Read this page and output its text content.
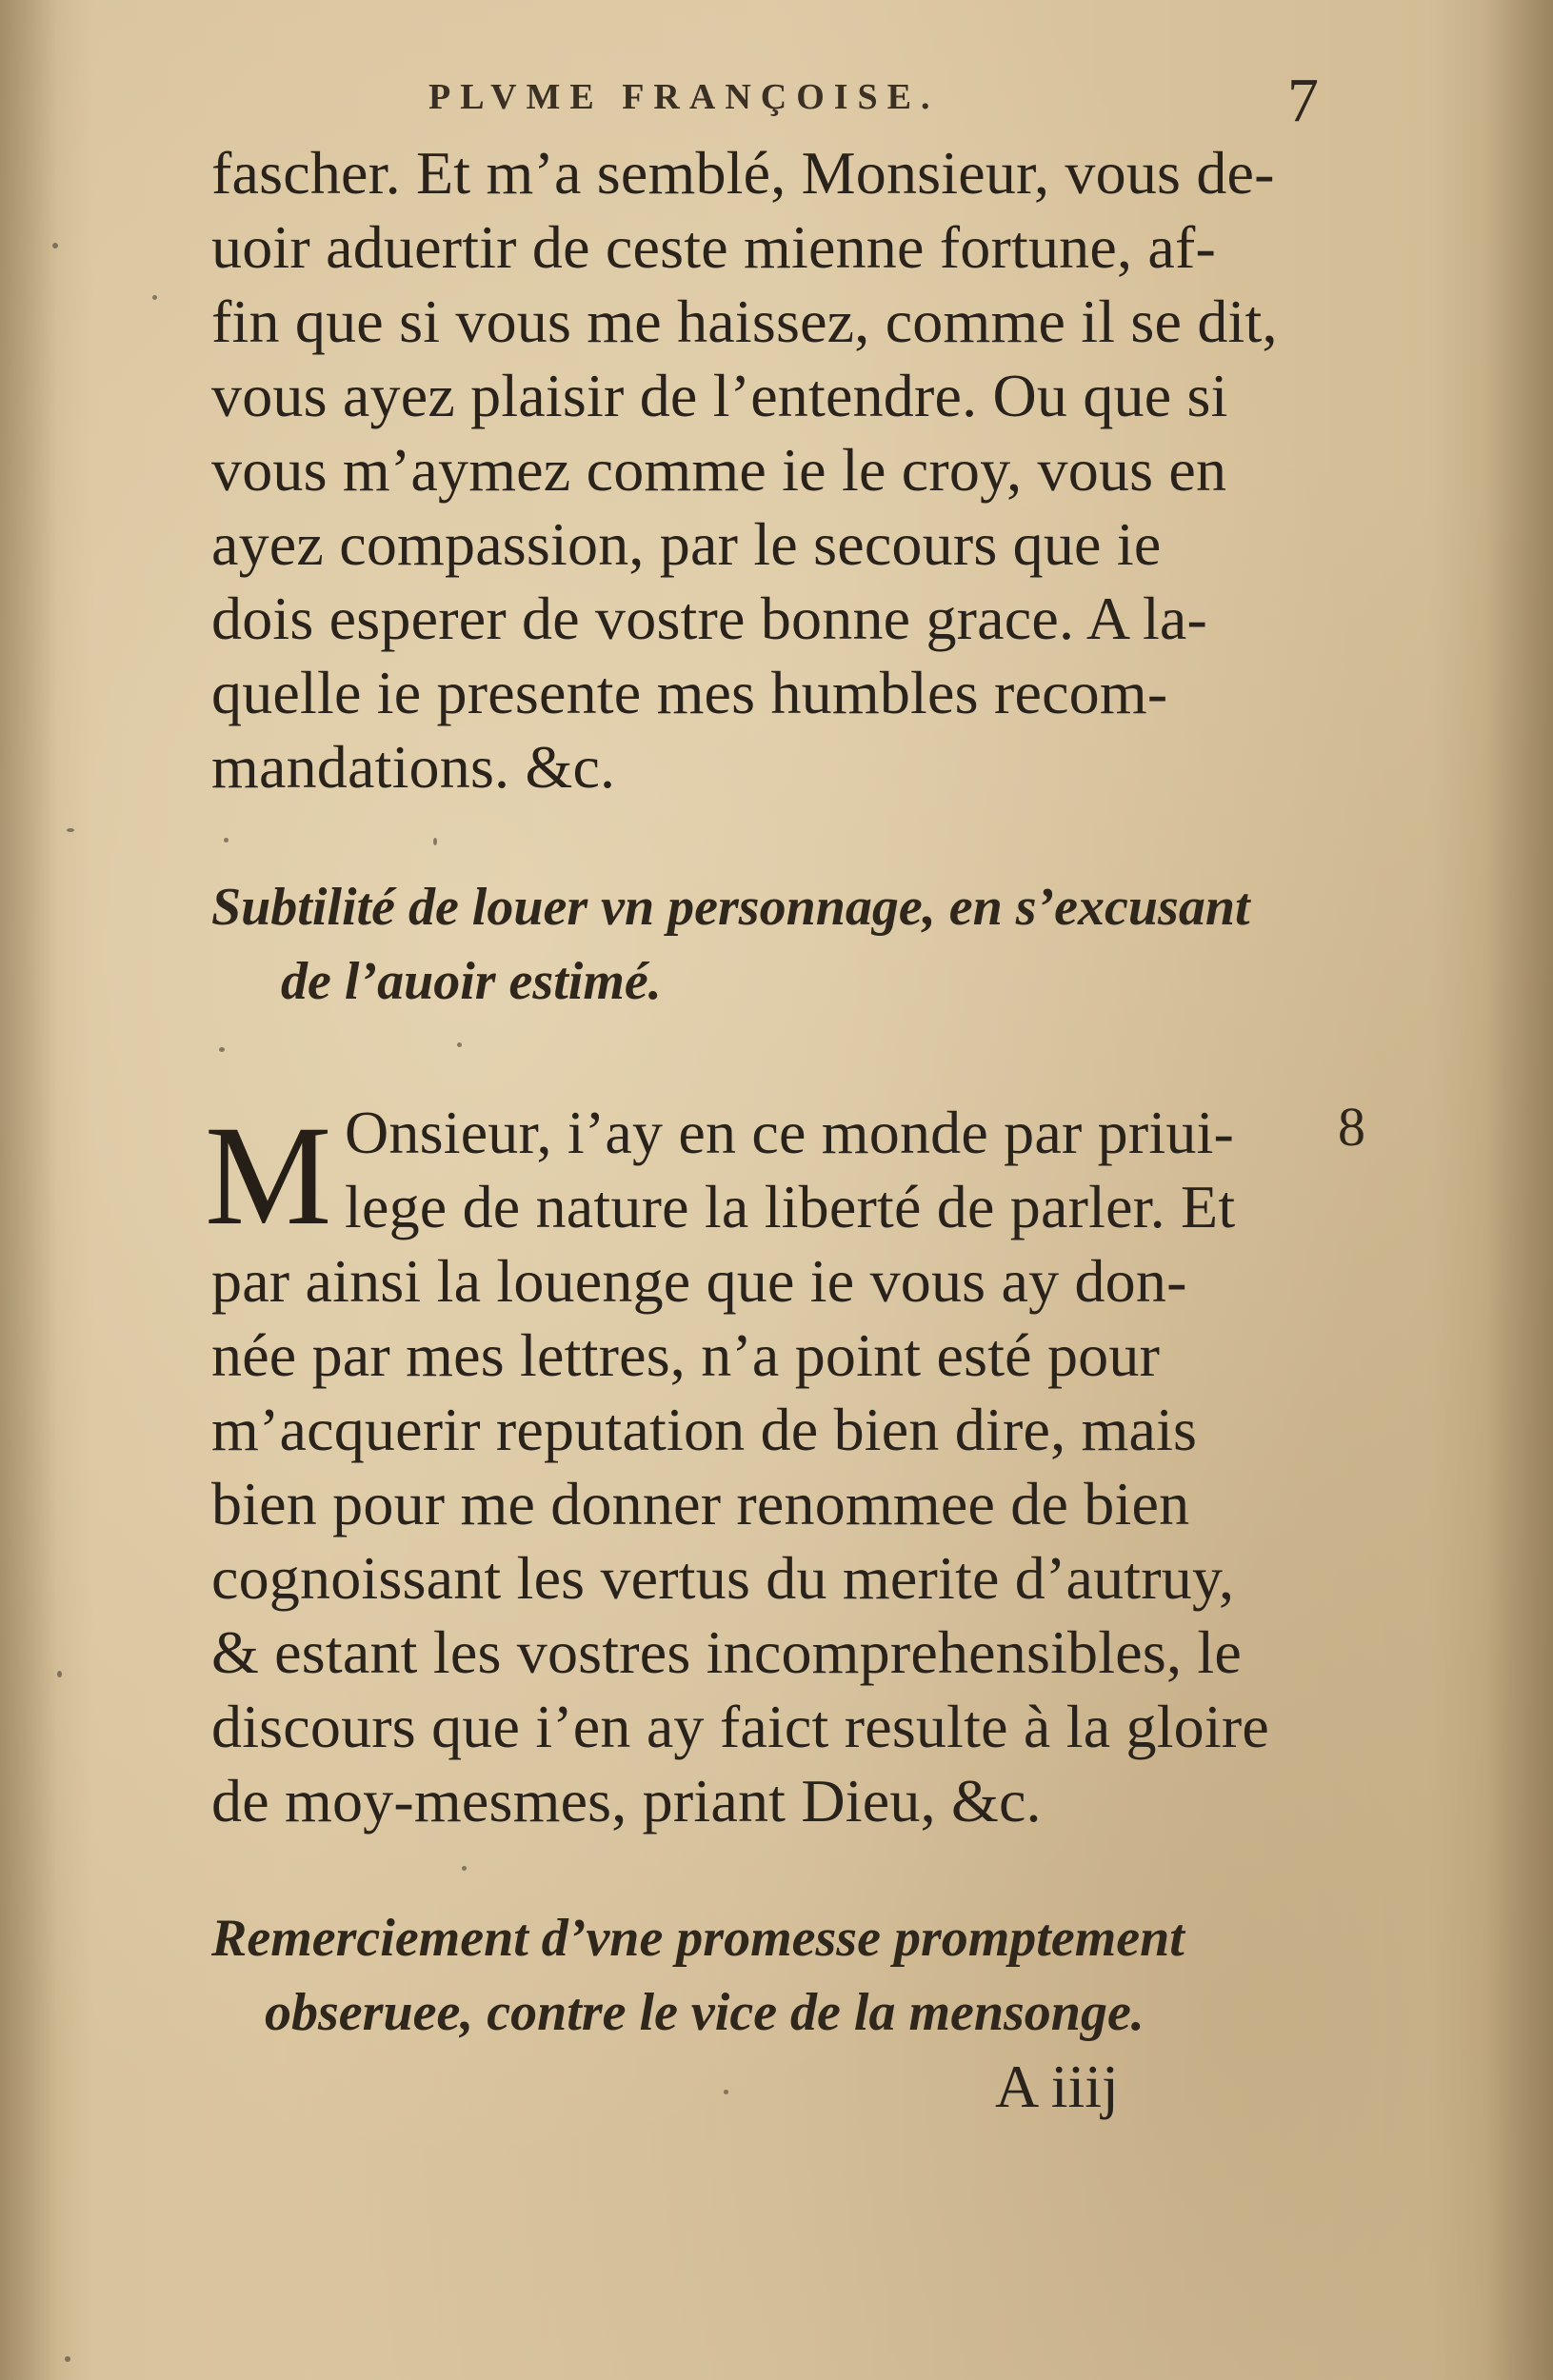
PLVME FRANÇOISE.	7

fascher. Et m’a semblé, Monsieur, vous de-

uoir aduertir de ceste mienne fortune, af-

fin que si vous me haissez, comme il se dit,

vous ayez plaisir de l’entendre. Ou que si

vous m’aymez comme ie le croy, vous en

ayez compassion, par le secours que ie

dois esperer de vostre bonne grace. A la-

quelle ie presente mes humbles recom-

mandations. &c.

Subtilité de louer vn personnage, en s’excusant

de l’auoir estimé.

M Onsieur, i’ay en ce monde par priui- 8

lege de nature la liberté de parler. Et

par ainsi la louenge que ie vous ay don-

née par mes lettres, n’a point esté pour

m’acquerir reputation de bien dire, mais

bien pour me donner renommee de bien

cognoissant les vertus du merite d’autruy,

& estant les vostres incomprehensibles, le

discours que i’en ay faict resulte à la gloire

de moy-mesmes, priant Dieu, &c.

Remerciement d’vne promesse promptement

obseruee, contre le vice de la mensonge.

A iiij
